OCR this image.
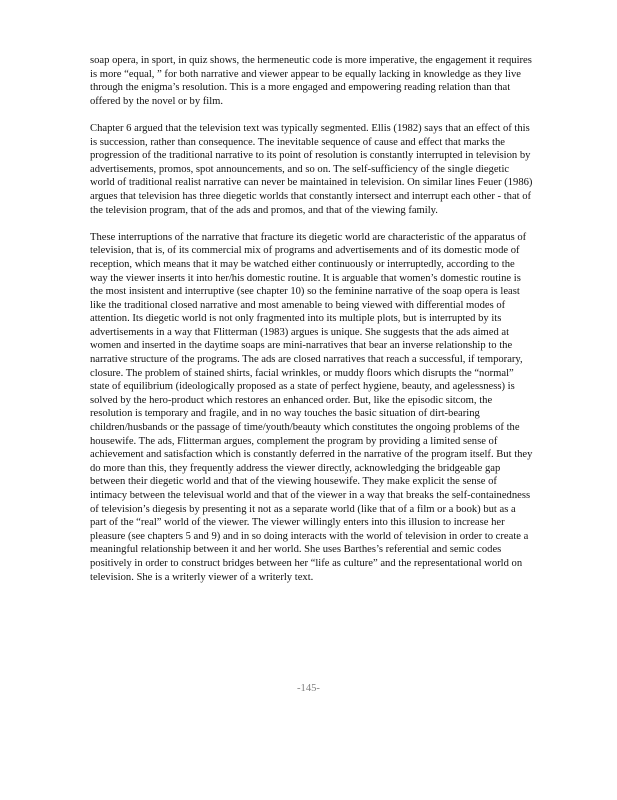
soap opera, in sport, in quiz shows, the hermeneutic code is more imperative, the engagement it requires is more “equal, ” for both narrative and viewer appear to be equally lacking in knowledge as they live through the enigma’s resolution. This is a more engaged and empowering reading relation than that offered by the novel or by film.

Chapter 6 argued that the television text was typically segmented. Ellis (1982) says that an effect of this is succession, rather than consequence. The inevitable sequence of cause and effect that marks the progression of the traditional narrative to its point of resolution is constantly interrupted in television by advertisements, promos, spot announcements, and so on. The self-sufficiency of the single diegetic world of traditional realist narrative can never be maintained in television. On similar lines Feuer (1986) argues that television has three diegetic worlds that constantly intersect and interrupt each other - that of the television program, that of the ads and promos, and that of the viewing family.

These interruptions of the narrative that fracture its diegetic world are characteristic of the apparatus of television, that is, of its commercial mix of programs and advertisements and of its domestic mode of reception, which means that it may be watched either continuously or interruptedly, according to the way the viewer inserts it into her/his domestic routine. It is arguable that women’s domestic routine is the most insistent and interruptive (see chapter 10) so the feminine narrative of the soap opera is least like the traditional closed narrative and most amenable to being viewed with differential modes of attention. Its diegetic world is not only fragmented into its multiple plots, but is interrupted by its advertisements in a way that Flitterman (1983) argues is unique. She suggests that the ads aimed at women and inserted in the daytime soaps are mini-narratives that bear an inverse relationship to the narrative structure of the programs. The ads are closed narratives that reach a successful, if temporary, closure. The problem of stained shirts, facial wrinkles, or muddy floors which disrupts the “normal” state of equilibrium (ideologically proposed as a state of perfect hygiene, beauty, and agelessness) is solved by the hero-product which restores an enhanced order. But, like the episodic sitcom, the resolution is temporary and fragile, and in no way touches the basic situation of dirt-bearing children/husbands or the passage of time/youth/beauty which constitutes the ongoing problems of the housewife. The ads, Flitterman argues, complement the program by providing a limited sense of achievement and satisfaction which is constantly deferred in the narrative of the program itself. But they do more than this, they frequently address the viewer directly, acknowledging the bridgeable gap between their diegetic world and that of the viewing housewife. They make explicit the sense of intimacy between the televisual world and that of the viewer in a way that breaks the self-containedness of television’s diegesis by presenting it not as a separate world (like that of a film or a book) but as a part of the “real” world of the viewer. The viewer willingly enters into this illusion to increase her pleasure (see chapters 5 and 9) and in so doing interacts with the world of television in order to create a meaningful relationship between it and her world. She uses Barthes’s referential and semic codes positively in order to construct bridges between her “life as culture” and the representational world on television. She is a writerly viewer of a writerly text.

-145-
